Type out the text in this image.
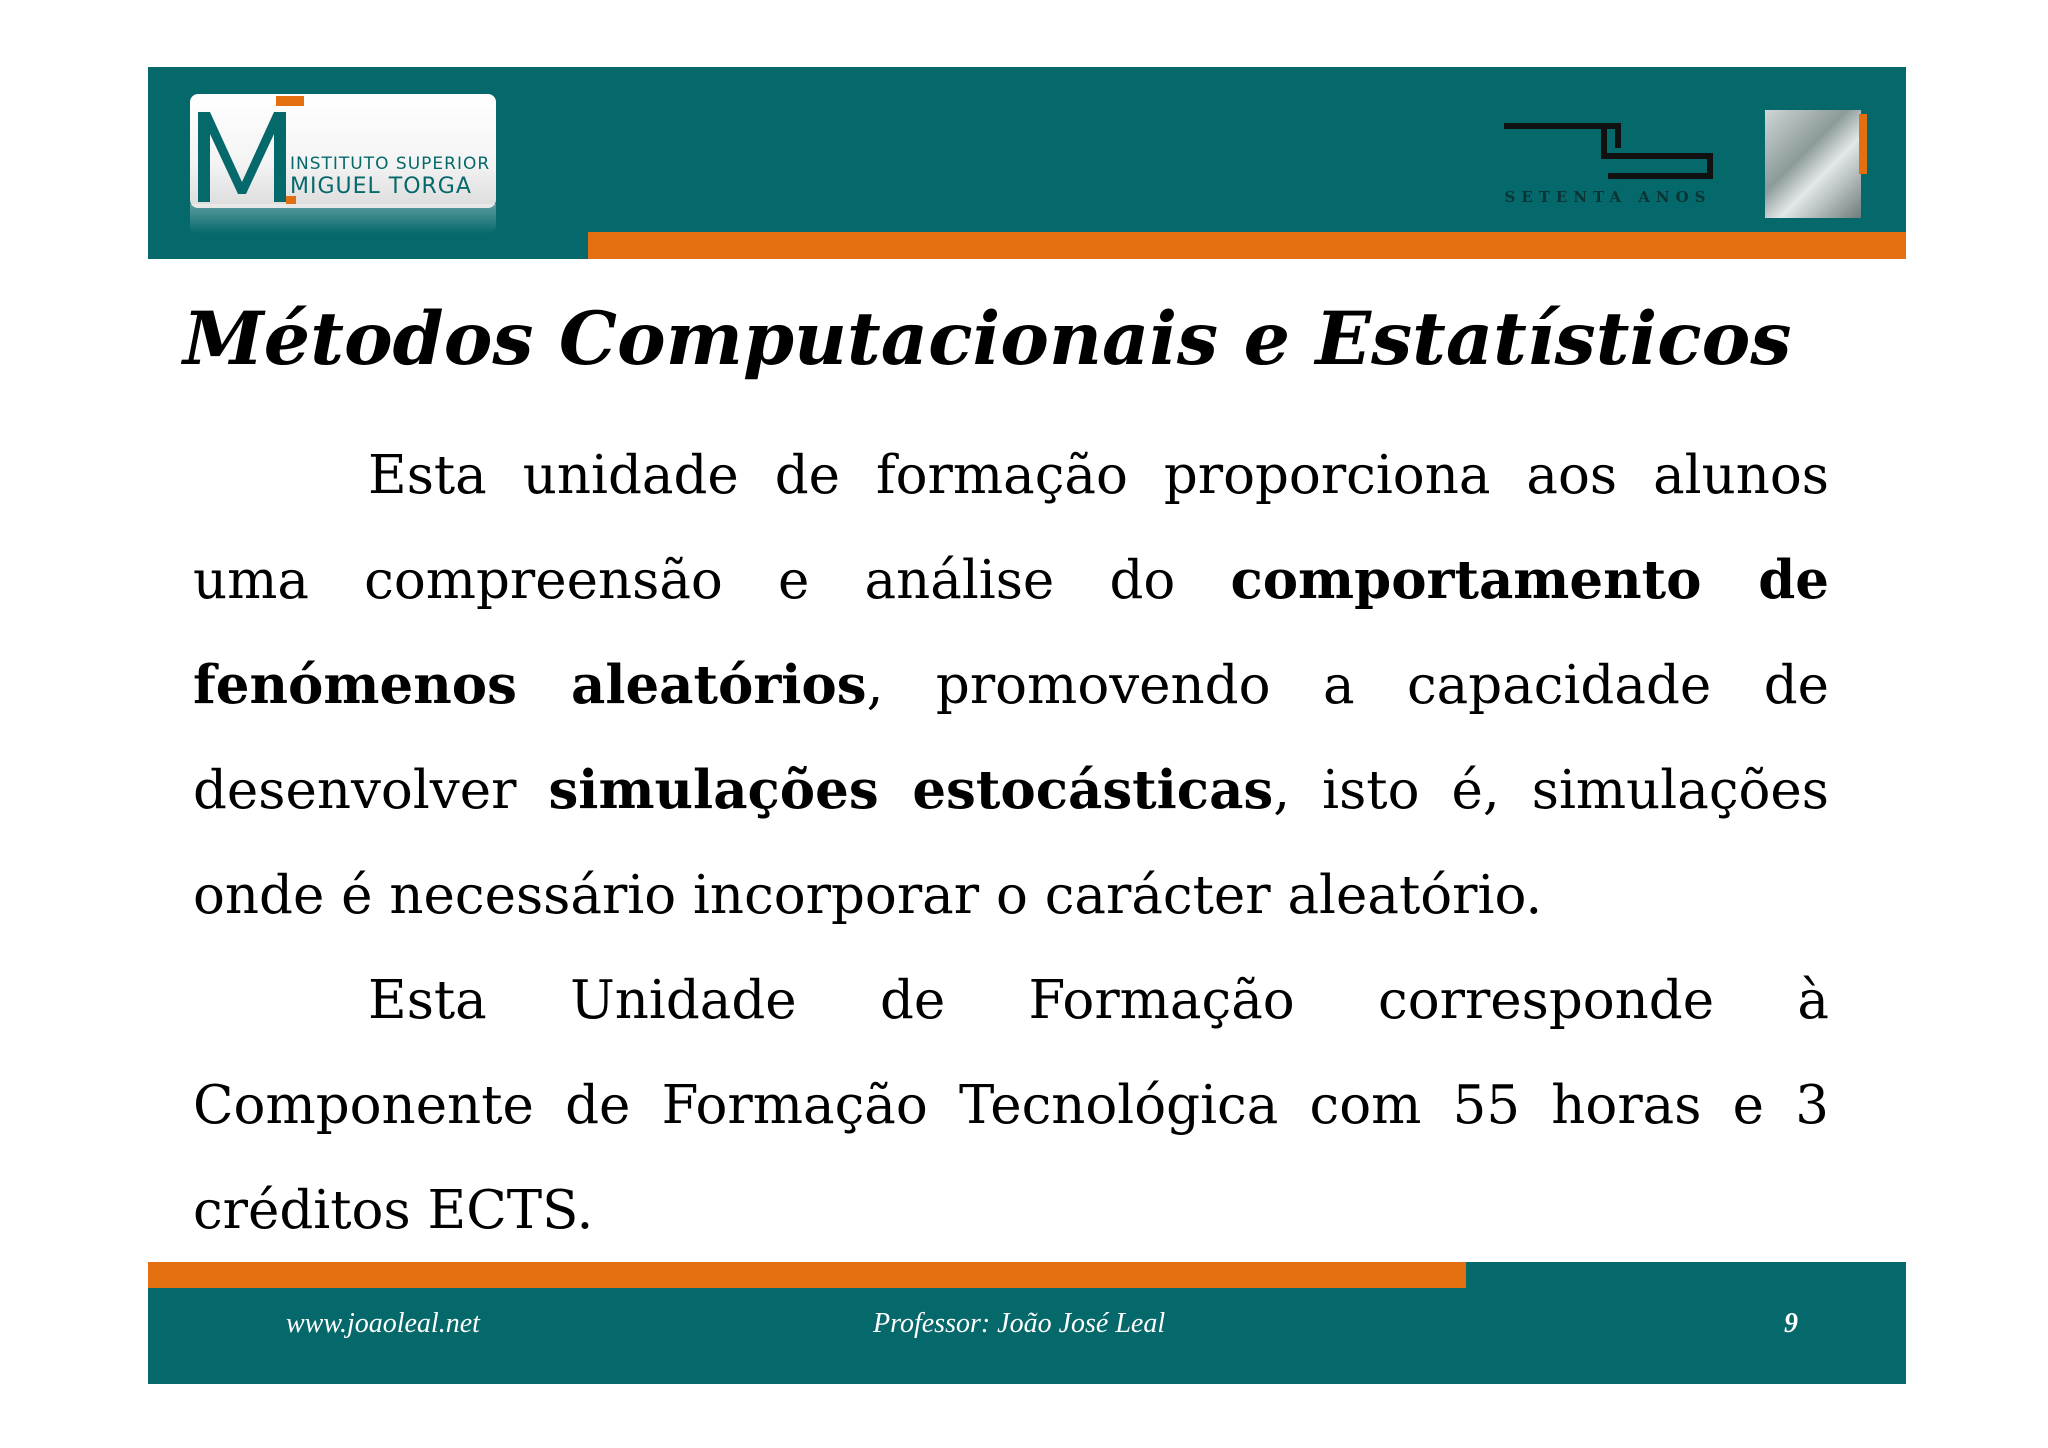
INSTITUTO SUPERIOR
MIGUEL TORGA	SETENTA ANOS
Métodos Computacionais e Estatísticos
Esta unidade de formação proporciona aos alunos
uma compreensão e análise do comportamento de
fenómenos aleatórios, promovendo a capacidade de
desenvolver simulações estocásticas, isto é, simulações
onde é necessário incorporar o carácter aleatório.
Esta Unidade de Formação corresponde à
Componente de Formação Tecnológica com 55 horas e 3
créditos ECTS.
www.joaoleal.net	Professor: João José Leal	9
